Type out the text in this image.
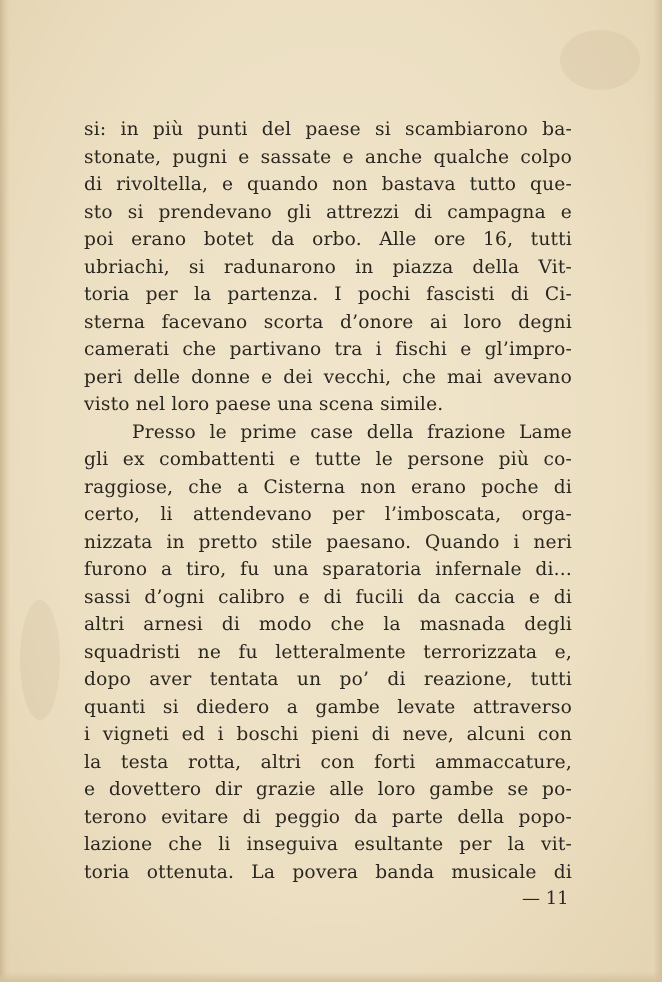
si: in più punti del paese si scambiarono ba-
stonate, pugni e sassate e anche qualche colpo
di rivoltella, e quando non bastava tutto que-
sto si prendevano gli attrezzi di campagna e
poi erano botet da orbo. Alle ore 16, tutti
ubriachi, si radunarono in piazza della Vit-
toria per la partenza. I pochi fascisti di Ci-
sterna facevano scorta d’onore ai loro degni
camerati che partivano tra i fischi e gl’impro-
peri delle donne e dei vecchi, che mai avevano
visto nel loro paese una scena simile.
Presso le prime case della frazione Lame
gli ex combattenti e tutte le persone più co-
raggiose, che a Cisterna non erano poche di
certo, li attendevano per l’imboscata, orga-
nizzata in pretto stile paesano. Quando i neri
furono a tiro, fu una sparatoria infernale di...
sassi d’ogni calibro e di fucili da caccia e di
altri arnesi di modo che la masnada degli
squadristi ne fu letteralmente terrorizzata e,
dopo aver tentata un po’ di reazione, tutti
quanti si diedero a gambe levate attraverso
i vigneti ed i boschi pieni di neve, alcuni con
la testa rotta, altri con forti ammaccature,
e dovettero dir grazie alle loro gambe se po-
terono evitare di peggio da parte della popo-
lazione che li inseguiva esultante per la vit-
toria ottenuta. La povera banda musicale di
— 11
